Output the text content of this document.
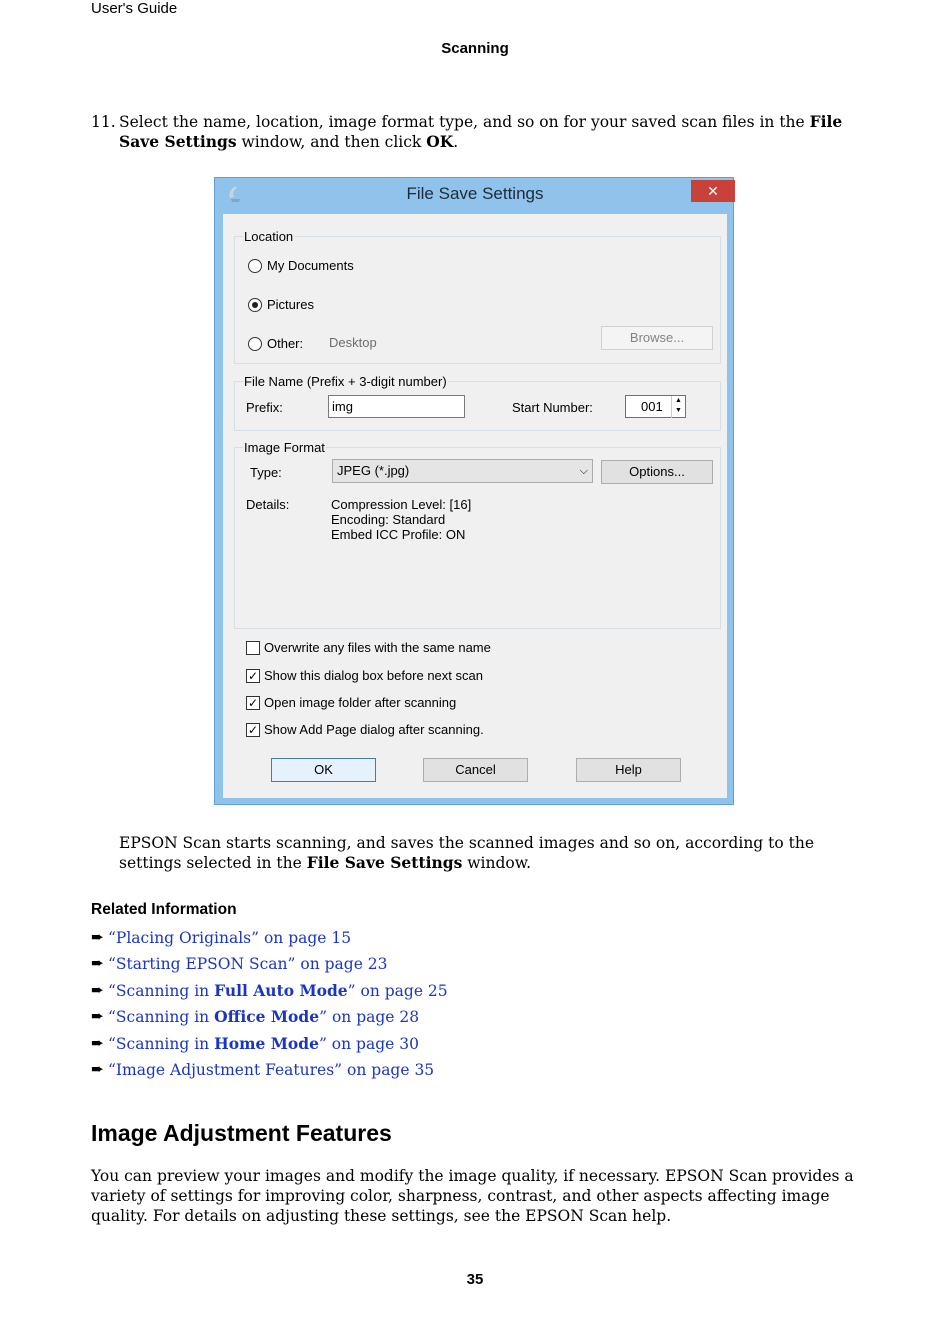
User's Guide
Scanning
11. Select the name, location, image format type, and so on for your saved scan files in the File Save Settings window, and then click OK.
File Save Settings	✕
Location
My Documents
Pictures
Other: Desktop	Browse...
File Name (Prefix + 3-digit number)
Prefix:	img	Start Number:	001	▲
▼
Image Format
Type:	JPEG (*.jpg)	⌵	Options...
Details:	Compression Level: [16]
Encoding: Standard
Embed ICC Profile: ON
Overwrite any files with the same name
✓ Show this dialog box before next scan
✓ Open image folder after scanning
✓ Show Add Page dialog after scanning.
OK	Cancel	Help
EPSON Scan starts scanning, and saves the scanned images and so on, according to the settings selected in the File Save Settings window.
Related Information
➨ “Placing Originals” on page 15
➨ “Starting EPSON Scan” on page 23
➨ “Scanning in Full Auto Mode” on page 25
➨ “Scanning in Office Mode” on page 28
➨ “Scanning in Home Mode” on page 30
➨ “Image Adjustment Features” on page 35
Image Adjustment Features
You can preview your images and modify the image quality, if necessary. EPSON Scan provides a variety of settings for improving color, sharpness, contrast, and other aspects affecting image quality. For details on adjusting these settings, see the EPSON Scan help.
35
